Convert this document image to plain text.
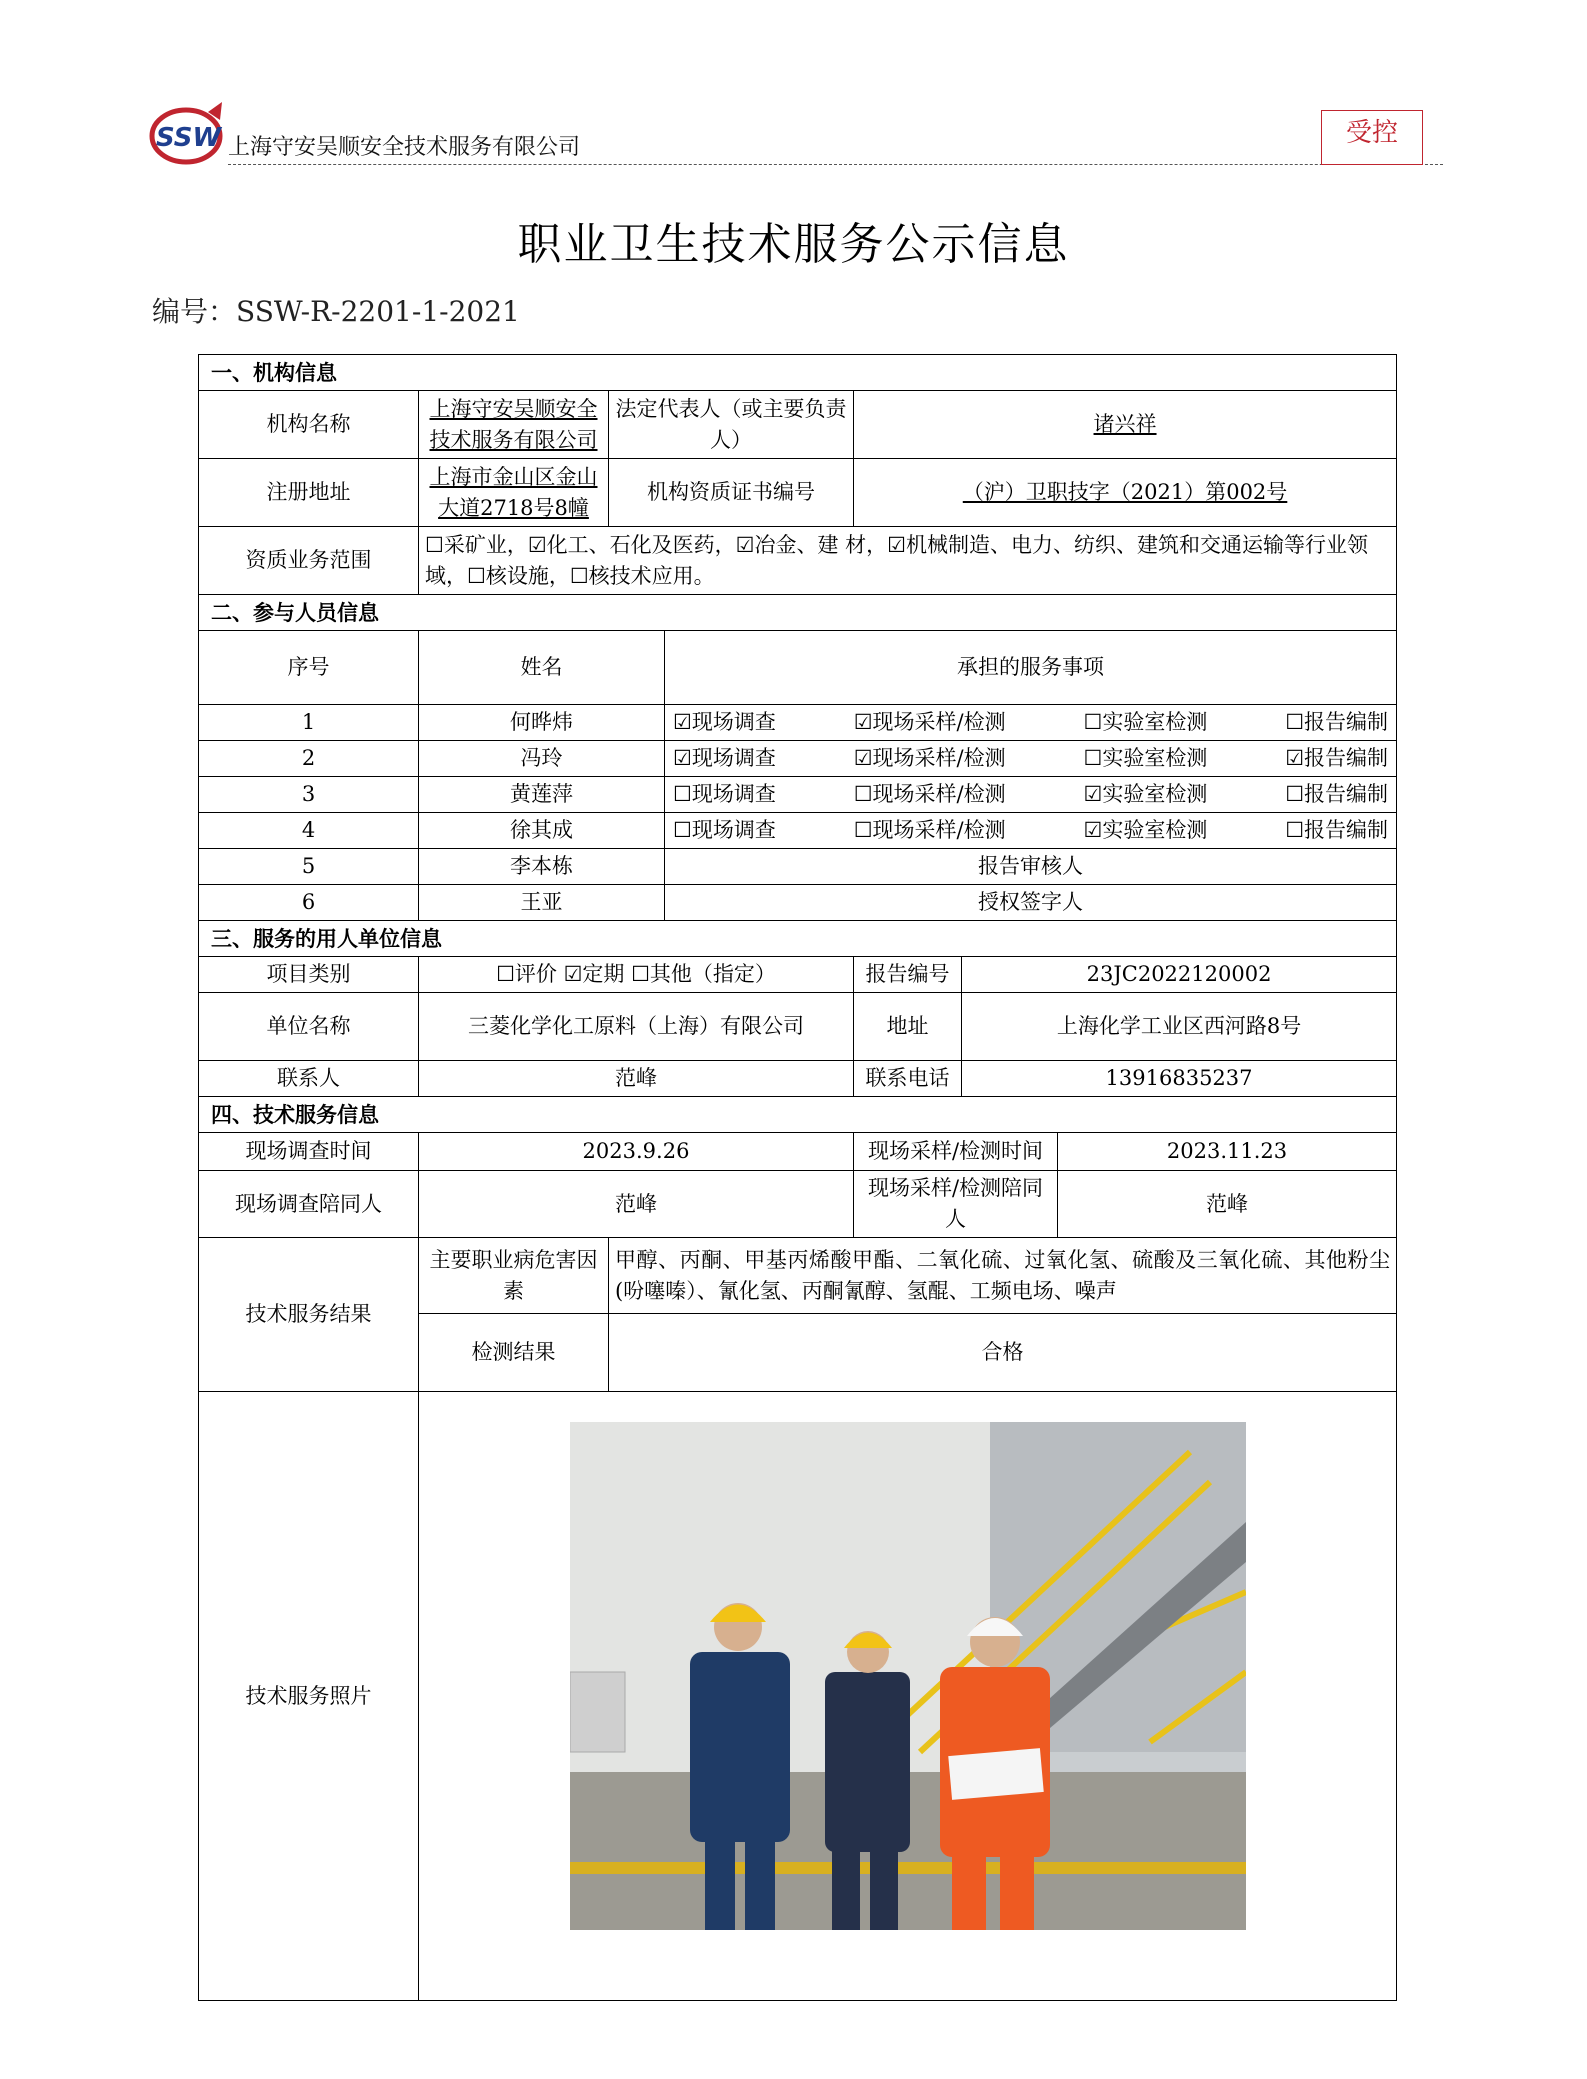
SSW 上海守安吴顺安全技术服务有限公司	受控
职业卫生技术服务公示信息
编号：SSW-R-2201-1-2021
一、机构信息						
机构名称	上海守安吴顺安全技术服务有限公司	法定代表人（或主要负责人）		诸兴祥		
注册地址	上海市金山区金山大道2718号8幢	机构资质证书编号		（沪）卫职技字（2021）第002号		
资质业务范围	☐采矿业，☑化工、石化及医药，☑冶金、建 材，☑机械制造、电力、纺织、建筑和交通运输等行业领域，☐核设施，☐核技术应用。					
二、参与人员信息						
序号	姓名		承担的服务事项			
1	何晔炜		☑现场调查 ☑现场采样/检测 ☐实验室检测 ☐报告编制			

2	冯玲		☑现场调查 ☑现场采样/检测 ☐实验室检测 ☑报告编制			

3	黄莲萍		☐现场调查 ☐现场采样/检测 ☑实验室检测 ☐报告编制			

4	徐其成		☐现场调查 ☐现场采样/检测 ☑实验室检测 ☐报告编制			

5	李本栋		报告审核人			
6	王亚		授权签字人			
三、服务的用人单位信息						
项目类别	☐评价 ☑定期 ☐其他（指定）			报告编号	23JC2022120002	
单位名称	三菱化学化工原料（上海）有限公司			地址	上海化学工业区西河路8号	
联系人	范峰			联系电话	13916835237	
四、技术服务信息						
现场调查时间	2023.9.26			现场采样/检测时间		2023.11.23
现场调查陪同人	范峰			现场采样/检测陪同人		范峰
技术服务结果	主要职业病危害因素	甲醇、丙酮、甲基丙烯酸甲酯、二氧化硫、过氧化氢、硫酸及三氧化硫、其他粉尘(吩噻嗪）、氰化氢、丙酮氰醇、氢醌、工频电场、噪声				
	检测结果	合格				
技术服务照片	
